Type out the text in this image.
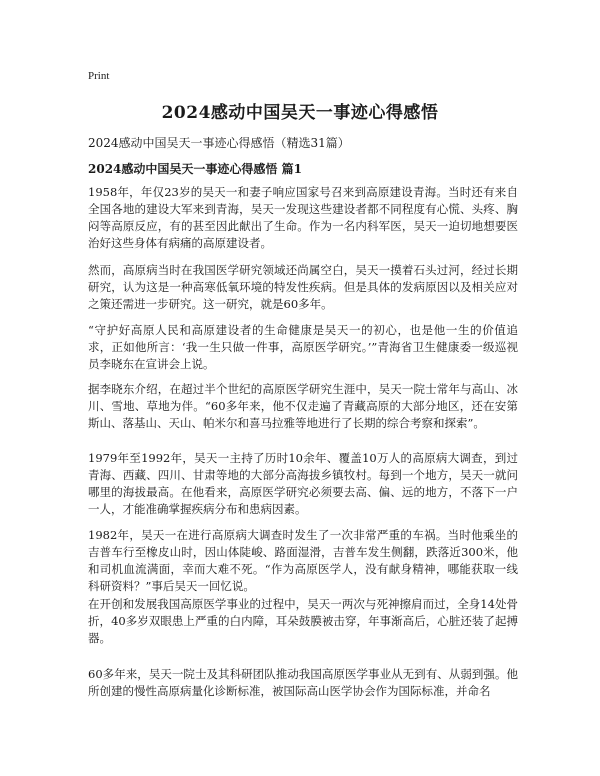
Print
2024感动中国吴天一事迹心得感悟
2024感动中国吴天一事迹心得感悟（精选31篇）
2024感动中国吴天一事迹心得感悟 篇1

1958年，年仅23岁的吴天一和妻子响应国家号召来到高原建设青海。当时还有来自全国各地的建设大军来到青海，吴天一发现这些建设者都不同程度有心慌、头疼、胸闷等高原反应，有的甚至因此献出了生命。作为一名内科军医，吴天一迫切地想要医治好这些身体有病痛的高原建设者。

然而，高原病当时在我国医学研究领域还尚属空白，吴天一摸着石头过河，经过长期研究，认为这是一种高寒低氧环境的特发性疾病。但是具体的发病原因以及相关应对之策还需进一步研究。这一研究，就是60多年。

“守护好高原人民和高原建设者的生命健康是吴天一的初心，也是他一生的价值追求，正如他所言：‘我一生只做一件事，高原医学研究。’”青海省卫生健康委一级巡视员李晓东在宣讲会上说。

据李晓东介绍，在超过半个世纪的高原医学研究生涯中，吴天一院士常年与高山、冰川、雪地、草地为伴。“60多年来，他不仅走遍了青藏高原的大部分地区，还在安第斯山、落基山、天山、帕米尔和喜马拉雅等地进行了长期的综合考察和探索”。

1979年至1992年，吴天一主持了历时10余年、覆盖10万人的高原病大调查，到过青海、西藏、四川、甘肃等地的大部分高海拔乡镇牧村。每到一个地方，吴天一就问哪里的海拔最高。在他看来，高原医学研究必须要去高、偏、远的地方，不落下一户一人，才能准确掌握疾病分布和患病因素。

1982年，吴天一在进行高原病大调查时发生了一次非常严重的车祸。当时他乘坐的吉普车行至橡皮山时，因山体陡峻、路面湿滑，吉普车发生侧翻，跌落近300米，他和司机血流满面，幸而大难不死。“作为高原医学人，没有献身精神，哪能获取一线科研资料？”事后吴天一回忆说。

在开创和发展我国高原医学事业的过程中，吴天一两次与死神擦肩而过，全身14处骨折，40多岁双眼患上严重的白内障，耳朵鼓膜被击穿，年事渐高后，心脏还装了起搏器。

60多年来，吴天一院士及其科研团队推动我国高原医学事业从无到有、从弱到强。他所创建的慢性高原病量化诊断标准，被国际高山医学协会作为国际标准，并命名
